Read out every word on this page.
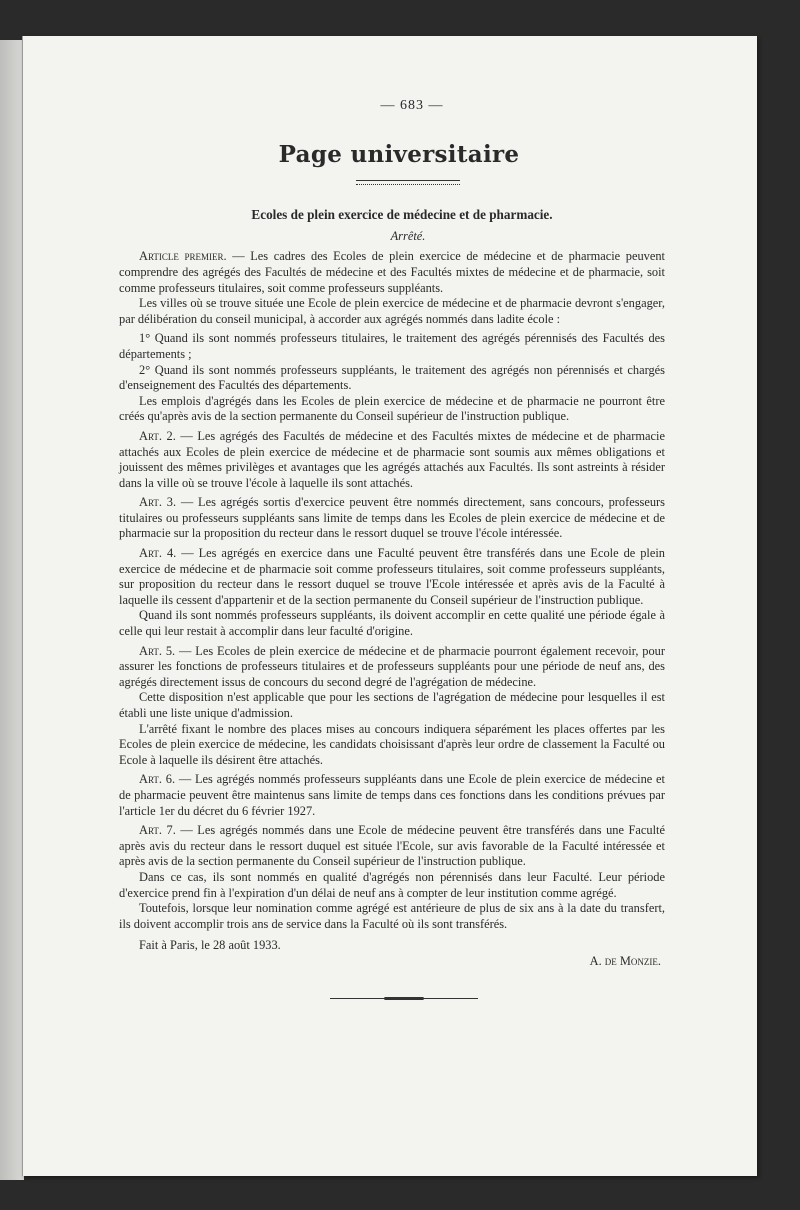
— 683 —
Page universitaire
Ecoles de plein exercice de médecine et de pharmacie.
Arrêté.

Article premier. — Les cadres des Ecoles de plein exercice de médecine et de pharmacie peuvent comprendre des agrégés des Facultés de médecine et des Facultés mixtes de médecine et de pharmacie, soit comme professeurs titulaires, soit comme professeurs suppléants.

Les villes où se trouve située une Ecole de plein exercice de médecine et de pharmacie devront s'engager, par délibération du conseil municipal, à accorder aux agrégés nommés dans ladite école :

1° Quand ils sont nommés professeurs titulaires, le traitement des agrégés pérennisés des Facultés des départements ;

2° Quand ils sont nommés professeurs suppléants, le traitement des agrégés non pérennisés et chargés d'enseignement des Facultés des départements.

Les emplois d'agrégés dans les Ecoles de plein exercice de médecine et de pharmacie ne pourront être créés qu'après avis de la section permanente du Conseil supérieur de l'instruction publique.

Art. 2. — Les agrégés des Facultés de médecine et des Facultés mixtes de médecine et de pharmacie attachés aux Ecoles de plein exercice de médecine et de pharmacie sont soumis aux mêmes obligations et jouissent des mêmes privilèges et avantages que les agrégés attachés aux Facultés. Ils sont astreints à résider dans la ville où se trouve l'école à laquelle ils sont attachés.

Art. 3. — Les agrégés sortis d'exercice peuvent être nommés directement, sans concours, professeurs titulaires ou professeurs suppléants sans limite de temps dans les Ecoles de plein exercice de médecine et de pharmacie sur la proposition du recteur dans le ressort duquel se trouve l'école intéressée.

Art. 4. — Les agrégés en exercice dans une Faculté peuvent être transférés dans une Ecole de plein exercice de médecine et de pharmacie soit comme professeurs titulaires, soit comme professeurs suppléants, sur proposition du recteur dans le ressort duquel se trouve l'Ecole intéressée et après avis de la Faculté à laquelle ils cessent d'appartenir et de la section permanente du Conseil supérieur de l'instruction publique.

Quand ils sont nommés professeurs suppléants, ils doivent accomplir en cette qualité une période égale à celle qui leur restait à accomplir dans leur faculté d'origine.

Art. 5. — Les Ecoles de plein exercice de médecine et de pharmacie pourront également recevoir, pour assurer les fonctions de professeurs titulaires et de professeurs suppléants pour une période de neuf ans, des agrégés directement issus de concours du second degré de l'agrégation de médecine.

Cette disposition n'est applicable que pour les sections de l'agrégation de médecine pour lesquelles il est établi une liste unique d'admission.

L'arrêté fixant le nombre des places mises au concours indiquera séparément les places offertes par les Ecoles de plein exercice de médecine, les candidats choisissant d'après leur ordre de classement la Faculté ou Ecole à laquelle ils désirent être attachés.

Art. 6. — Les agrégés nommés professeurs suppléants dans une Ecole de plein exercice de médecine et de pharmacie peuvent être maintenus sans limite de temps dans ces fonctions dans les conditions prévues par l'article 1er du décret du 6 février 1927.

Art. 7. — Les agrégés nommés dans une Ecole de médecine peuvent être transférés dans une Faculté après avis du recteur dans le ressort duquel est située l'Ecole, sur avis favorable de la Faculté intéressée et après avis de la section permanente du Conseil supérieur de l'instruction publique.

Dans ce cas, ils sont nommés en qualité d'agrégés non pérennisés dans leur Faculté. Leur période d'exercice prend fin à l'expiration d'un délai de neuf ans à compter de leur institution comme agrégé.

Toutefois, lorsque leur nomination comme agrégé est antérieure de plus de six ans à la date du transfert, ils doivent accomplir trois ans de service dans la Faculté où ils sont transférés.

Fait à Paris, le 28 août 1933.
A. de Monzie.
